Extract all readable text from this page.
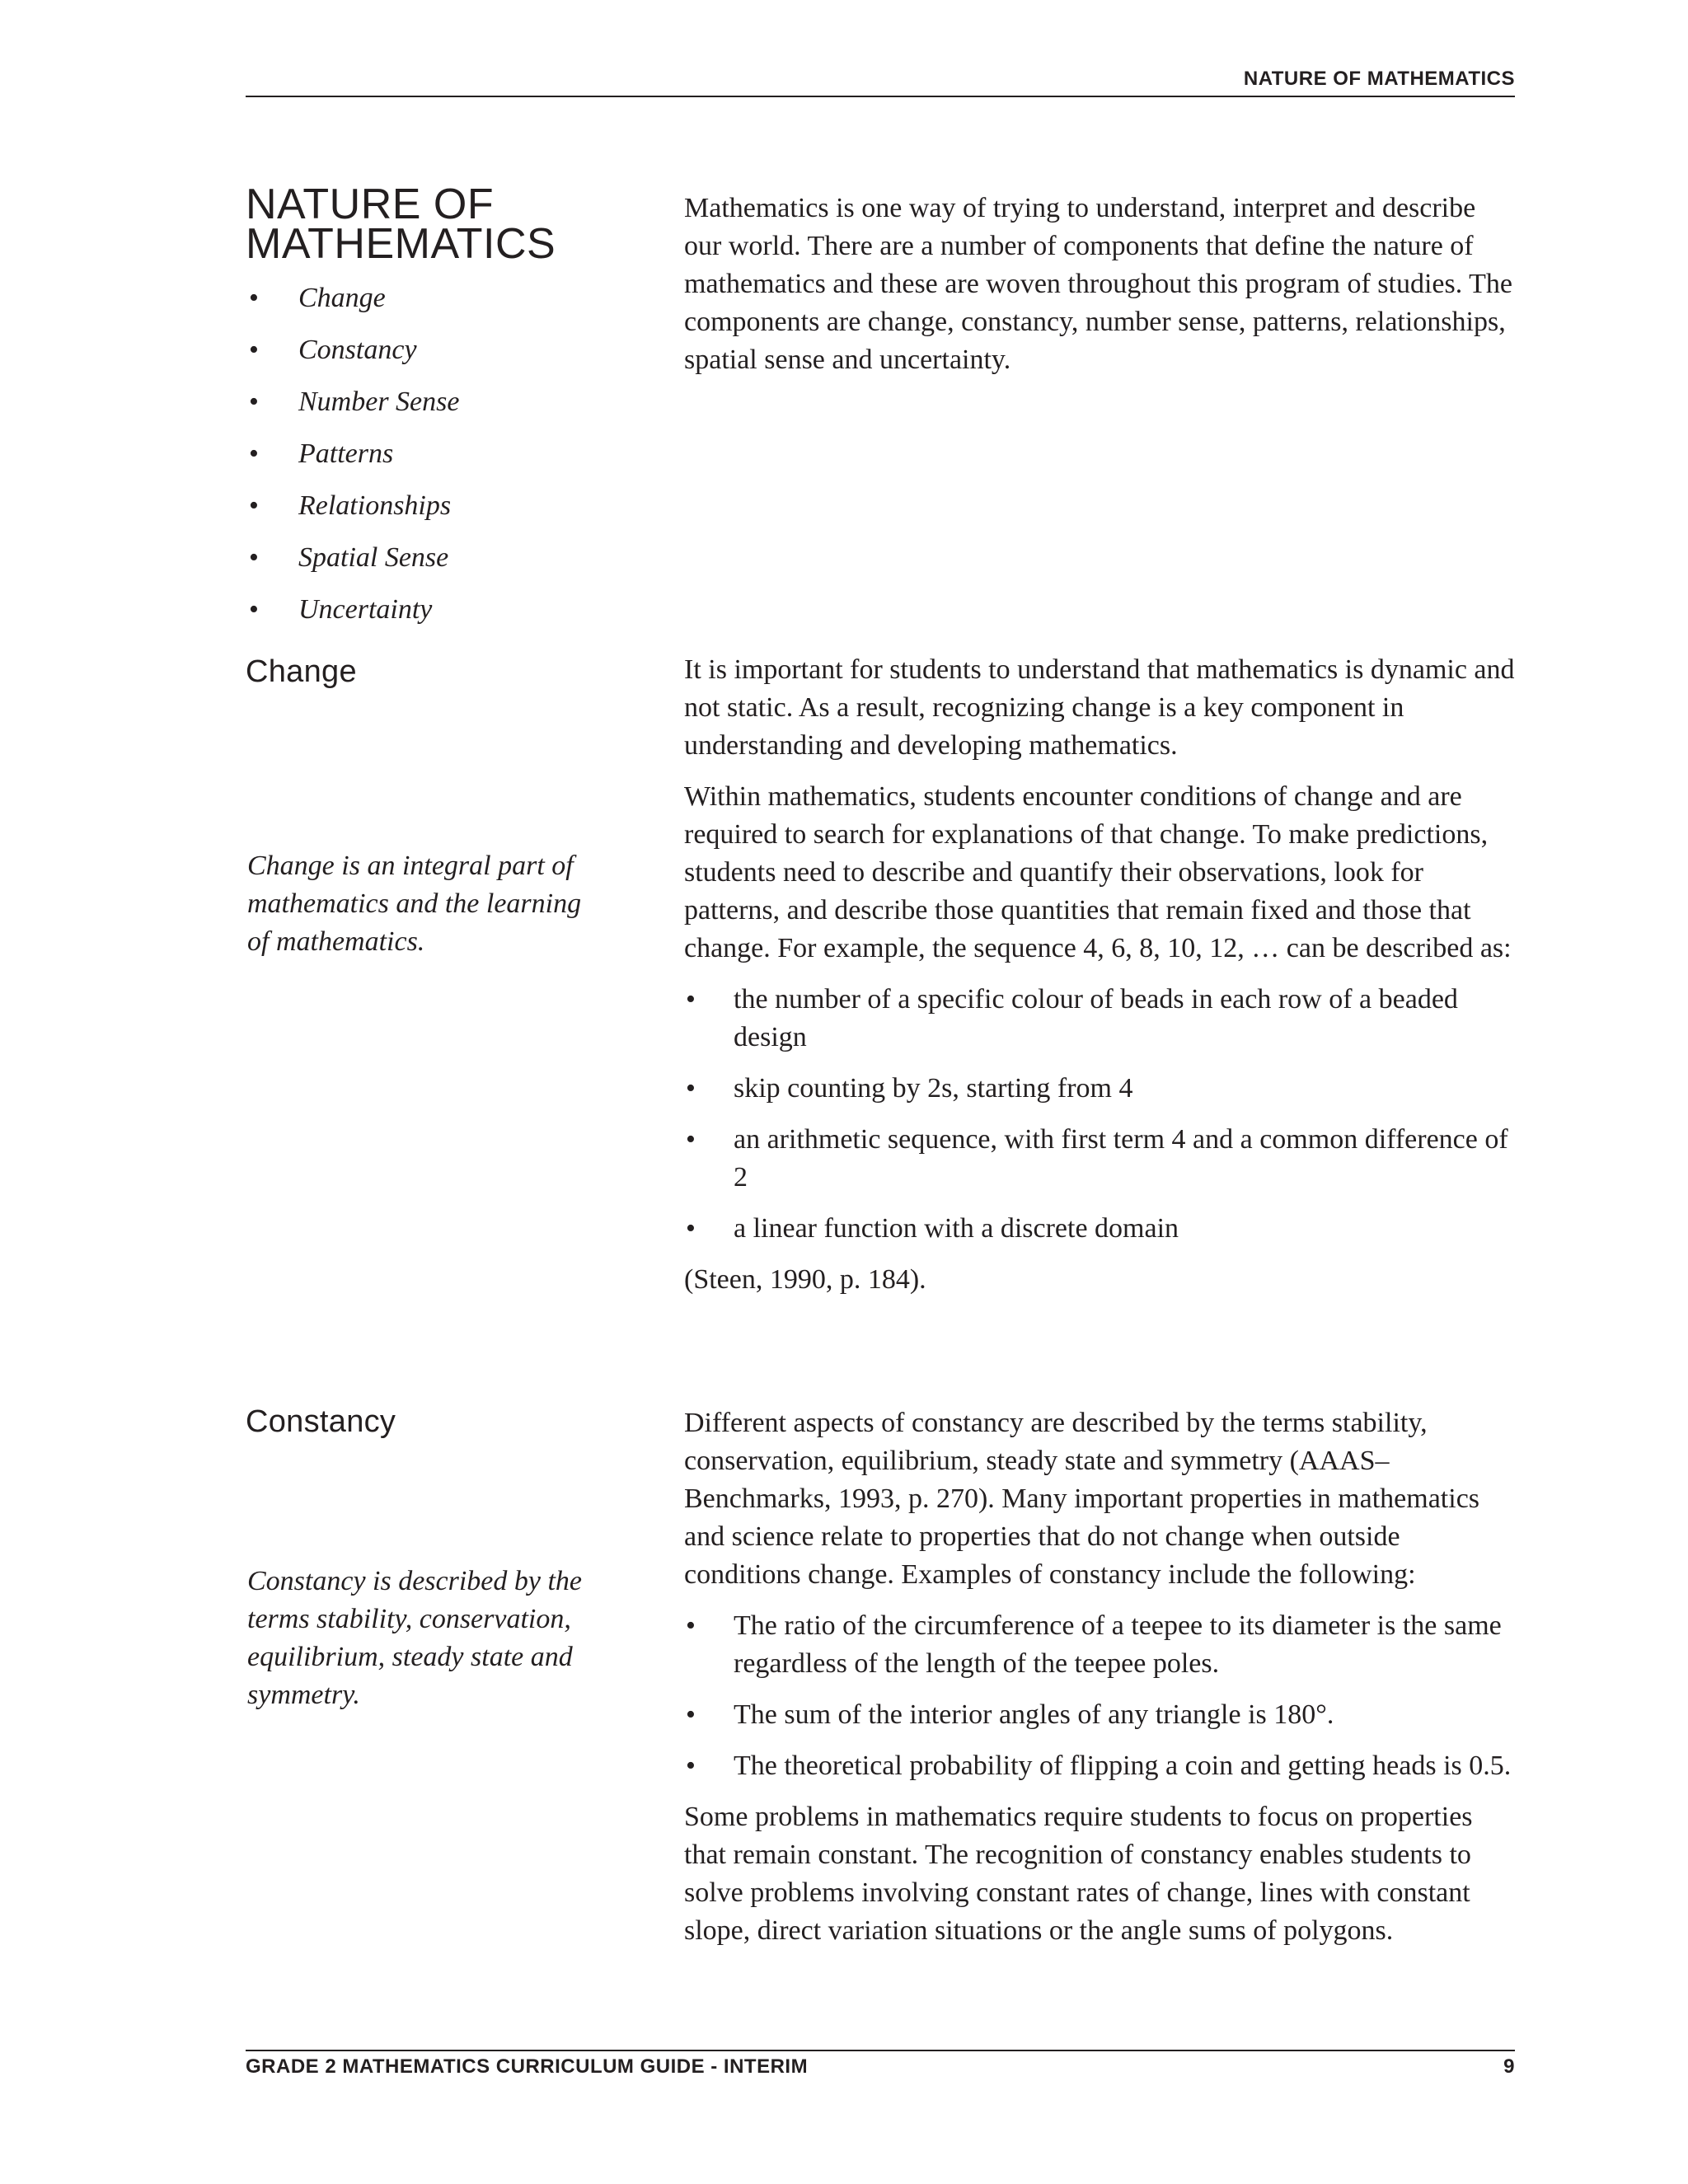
NATURE OF MATHEMATICS
NATURE OF
MATHEMATICS
• Change
• Constancy
• Number Sense
• Patterns
• Relationships
• Spatial Sense
• Uncertainty

Mathematics is one way of trying to understand, interpret and describe our world. There are a number of components that define the nature of mathematics and these are woven throughout this program of studies. The components are change, constancy, number sense, patterns, relationships, spatial sense and uncertainty.

Change

Change is an integral part of mathematics and the learning of mathematics.

It is important for students to understand that mathematics is dynamic and not static. As a result, recognizing change is a key component in understanding and developing mathematics.

Within mathematics, students encounter conditions of change and are required to search for explanations of that change. To make predictions, students need to describe and quantify their observations, look for patterns, and describe those quantities that remain fixed and those that change. For example, the sequence 4, 6, 8, 10, 12, … can be described as:

• the number of a specific colour of beads in each row of a beaded design
• skip counting by 2s, starting from 4
• an arithmetic sequence, with first term 4 and a common difference of 2
• a linear function with a discrete domain

(Steen, 1990, p. 184).

Constancy

Constancy is described by the terms stability, conservation, equilibrium, steady state and symmetry.

Different aspects of constancy are described by the terms stability, conservation, equilibrium, steady state and symmetry (AAAS–Benchmarks, 1993, p. 270). Many important properties in mathematics and science relate to properties that do not change when outside conditions change. Examples of constancy include the following:

• The ratio of the circumference of a teepee to its diameter is the same regardless of the length of the teepee poles.
• The sum of the interior angles of any triangle is 180°.
• The theoretical probability of flipping a coin and getting heads is 0.5.

Some problems in mathematics require students to focus on properties that remain constant. The recognition of constancy enables students to solve problems involving constant rates of change, lines with constant slope, direct variation situations or the angle sums of polygons.

GRADE 2 MATHEMATICS CURRICULUM GUIDE - INTERIM	9
